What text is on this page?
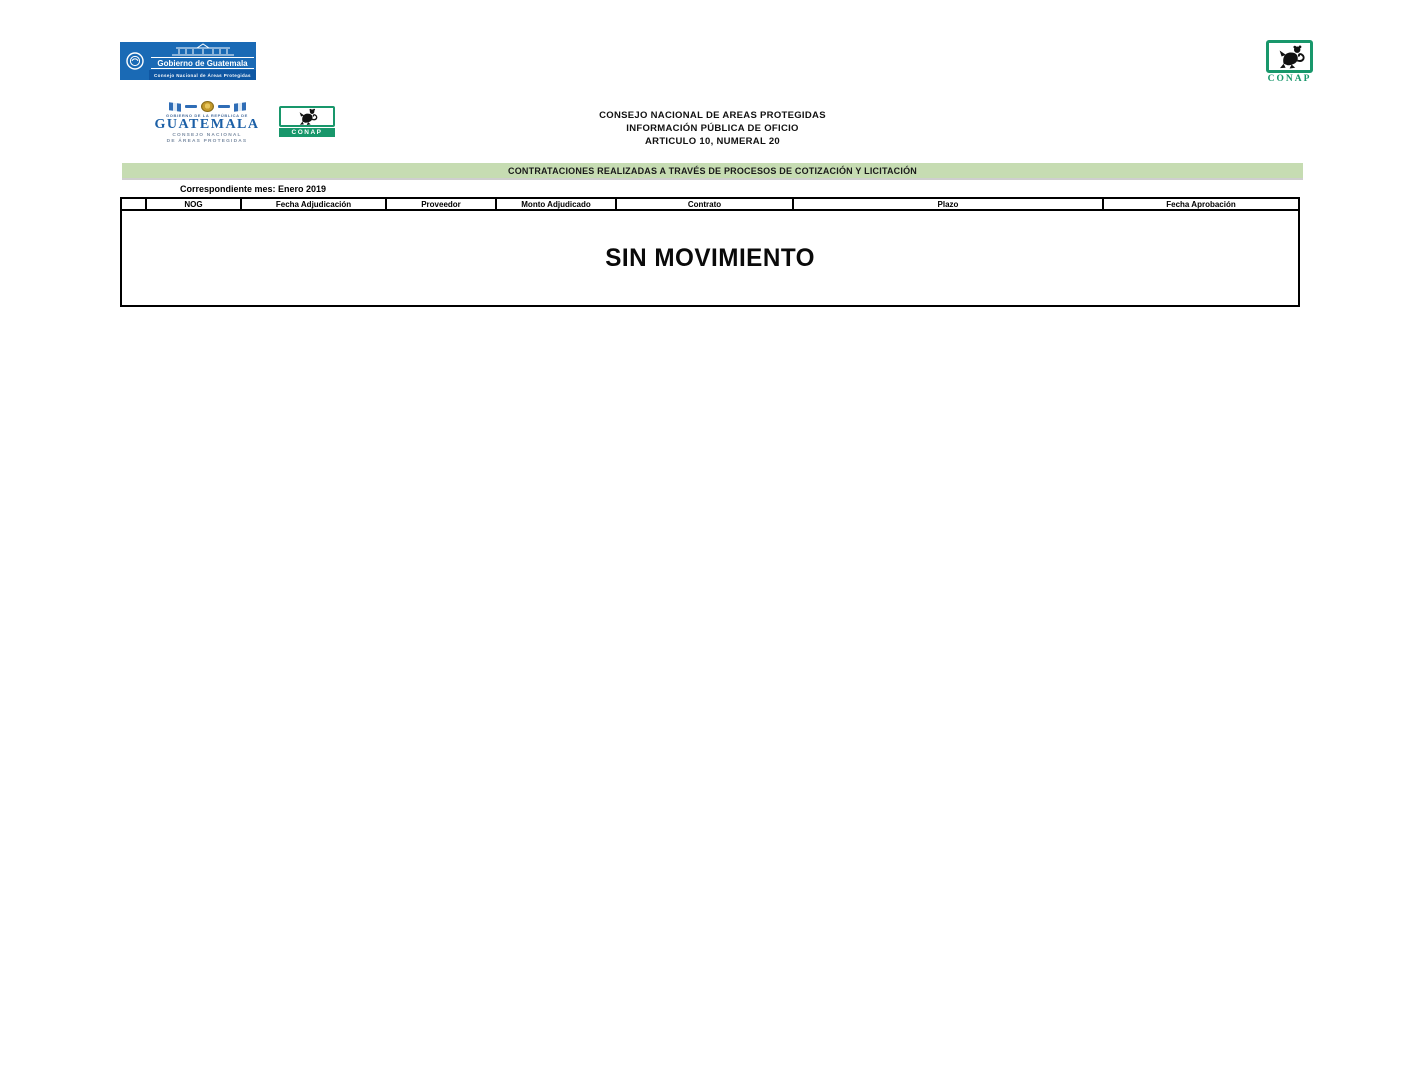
Gobierno de Guatemala
Consejo Nacional de Áreas Protegidas	CONAP
GOBIERNO DE LA REPÚBLICA DE
GUATEMALA
CONSEJO NACIONAL
DE ÁREAS PROTEGIDAS
CONAP
CONSEJO NACIONAL DE AREAS PROTEGIDAS
INFORMACIÓN PÚBLICA DE OFICIO
ARTICULO 10, NUMERAL 20
CONTRATACIONES REALIZADAS A TRAVÉS DE PROCESOS DE COTIZACIÓN Y LICITACIÓN
Correspondiente mes: Enero 2019
NOG	Fecha Adjudicación	Proveedor	Monto Adjudicado	Contrato	Plazo	Fecha Aprobación
SIN MOVIMIENTO
